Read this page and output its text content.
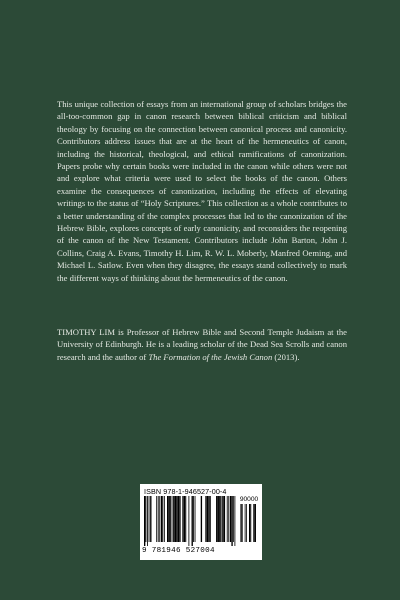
This unique collection of essays from an international group of scholars bridges the all-too-common gap in canon research between biblical criticism and biblical theology by focusing on the connection between canonical process and canonicity. Contributors address issues that are at the heart of the hermeneutics of canon, including the historical, theological, and ethical ramifications of canonization. Papers probe why certain books were included in the canon while others were not and explore what criteria were used to select the books of the canon. Others examine the consequences of canonization, including the effects of elevating writings to the status of “Holy Scriptures.” This collection as a whole contributes to a better understanding of the complex processes that led to the canonization of the Hebrew Bible, explores concepts of early canonicity, and reconsiders the reopening of the canon of the New Testament. Contributors include John Barton, John J. Collins, Craig A. Evans, Timothy H. Lim, R. W. L. Moberly, Manfred Oeming, and Michael L. Satlow. Even when they disagree, the essays stand collectively to mark the different ways of thinking about the hermeneutics of the canon.

TIMOTHY LIM is Professor of Hebrew Bible and Second Temple Judaism at the University of Edinburgh. He is a leading scholar of the Dead Sea Scrolls and canon research and the author of The Formation of the Jewish Canon (2013).

ISBN 978-1-946527-00-4
90000
9 781946 527004
